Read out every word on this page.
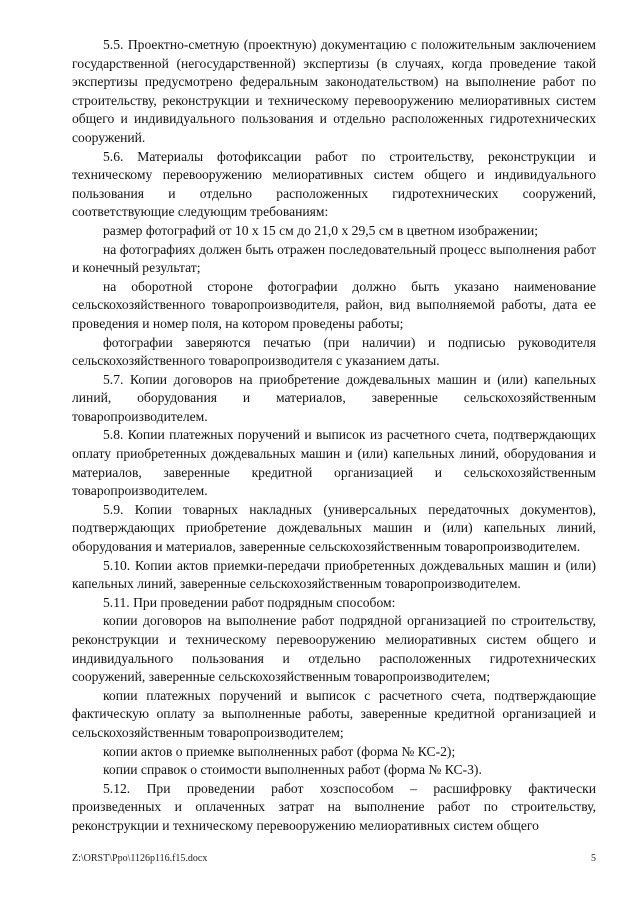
5.5. Проектно-сметную (проектную) документацию с положительным заключением государственной (негосударственной) экспертизы (в случаях, когда проведение такой экспертизы предусмотрено федеральным законодательством) на выполнение работ по строительству, реконструкции и техническому перевооружению мелиоративных систем общего и индивидуального пользования и отдельно расположенных гидротехнических сооружений.

5.6. Материалы фотофиксации работ по строительству, реконструкции и техническому перевооружению мелиоративных систем общего и индивидуального пользования и отдельно расположенных гидротехнических сооружений, соответствующие следующим требованиям:

размер фотографий от 10 х 15 см до 21,0 х 29,5 см в цветном изображении;

на фотографиях должен быть отражен последовательный процесс выполнения работ и конечный результат;

на оборотной стороне фотографии должно быть указано наименование сельскохозяйственного товаропроизводителя, район, вид выполняемой работы, дата ее проведения и номер поля, на котором проведены работы;

фотографии заверяются печатью (при наличии) и подписью руководителя сельскохозяйственного товаропроизводителя с указанием даты.

5.7. Копии договоров на приобретение дождевальных машин и (или) капельных линий, оборудования и материалов, заверенные сельскохозяйственным товаропроизводителем.

5.8. Копии платежных поручений и выписок из расчетного счета, подтверждающих оплату приобретенных дождевальных машин и (или) капельных линий, оборудования и материалов, заверенные кредитной организацией и сельскохозяйственным товаропроизводителем.

5.9. Копии товарных накладных (универсальных передаточных документов), подтверждающих приобретение дождевальных машин и (или) капельных линий, оборудования и материалов, заверенные сельскохозяйственным товаропроизводителем.

5.10. Копии актов приемки-передачи приобретенных дождевальных машин и (или) капельных линий, заверенные сельскохозяйственным товаропроизводителем.

5.11. При проведении работ подрядным способом:

копии договоров на выполнение работ подрядной организацией по строительству, реконструкции и техническому перевооружению мелиоративных систем общего и индивидуального пользования и отдельно расположенных гидротехнических сооружений, заверенные сельскохозяйственным товаропроизводителем;

копии платежных поручений и выписок с расчетного счета, подтверждающие фактическую оплату за выполненные работы, заверенные кредитной организацией и сельскохозяйственным товаропроизводителем;

копии актов о приемке выполненных работ (форма № КС-2);

копии справок о стоимости выполненных работ (форма № КС-3).

5.12. При проведении работ хозспособом – расшифровку фактически произведенных и оплаченных затрат на выполнение работ по строительству, реконструкции и техническому перевооружению мелиоративных систем общего

Z:\ORST\Ppo\1126p116.f15.docx	5
